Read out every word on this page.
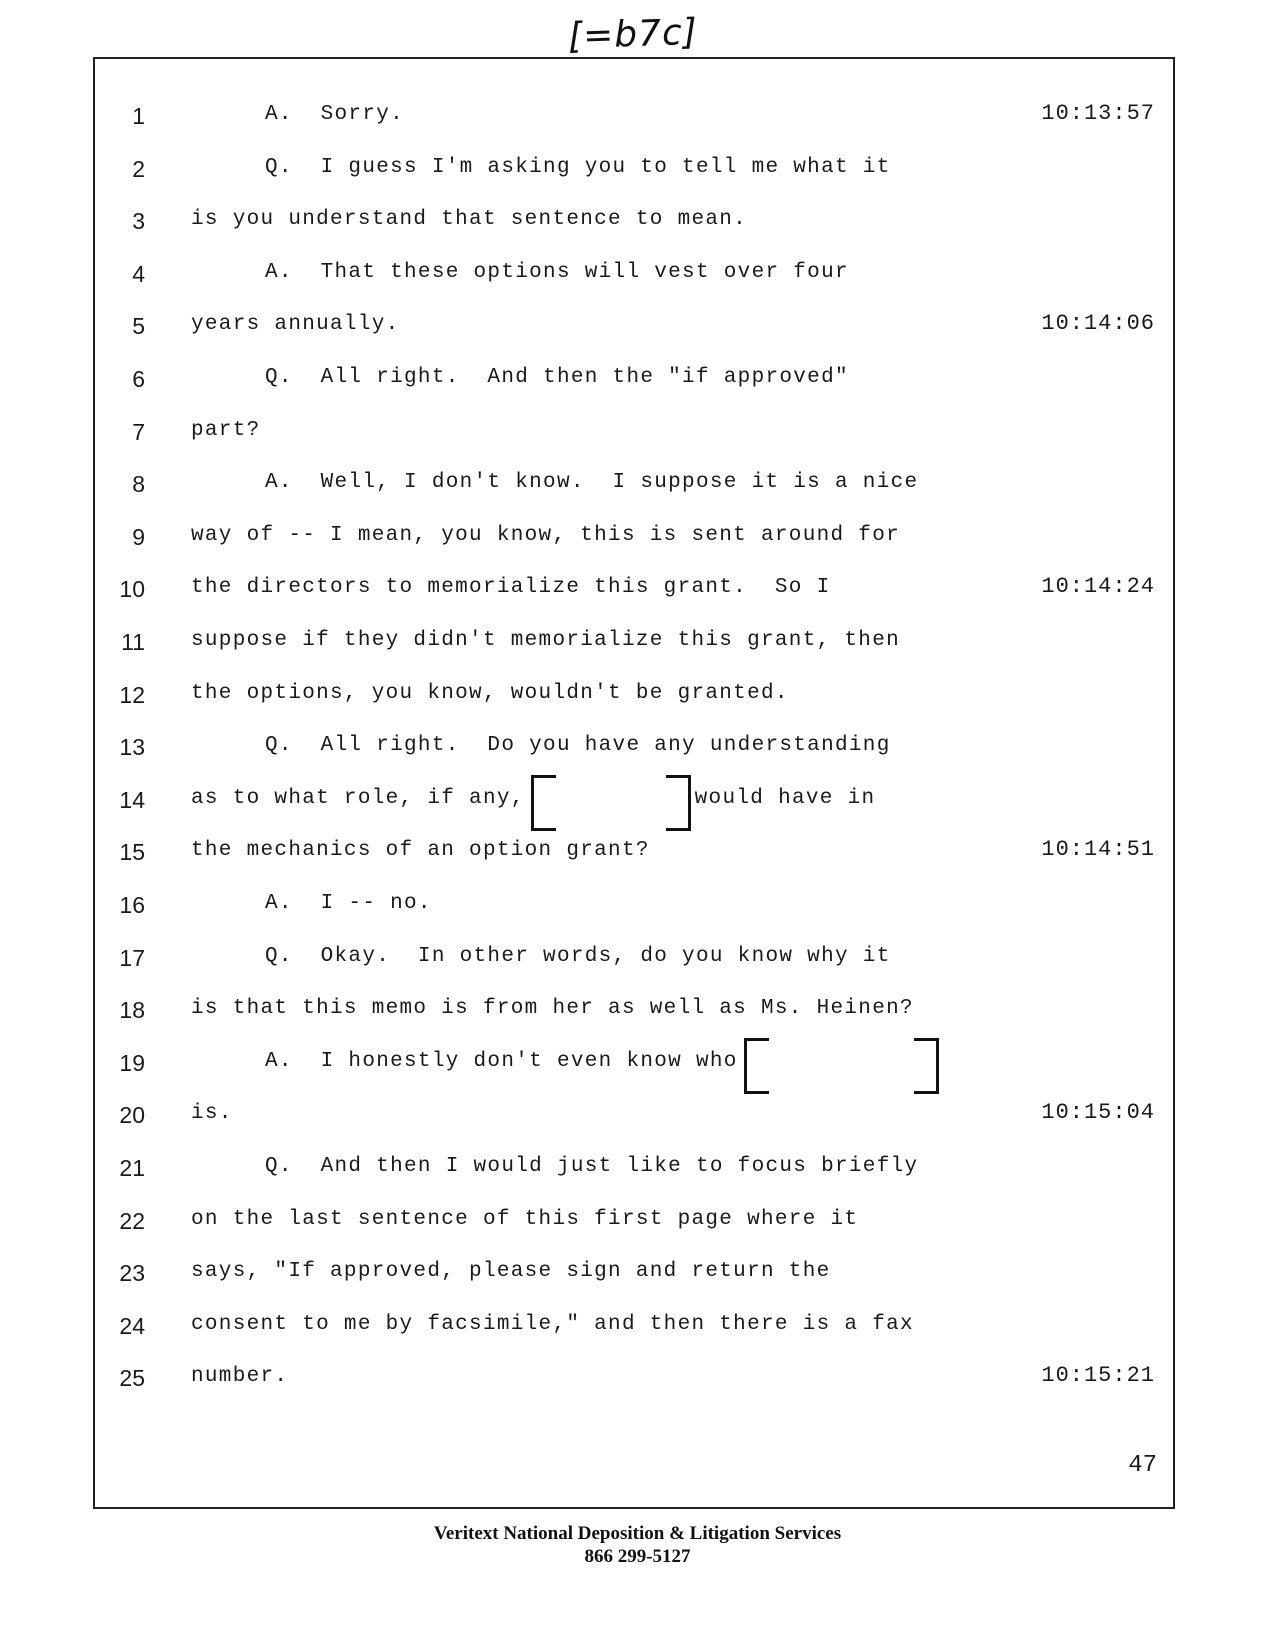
[=b7c]
1	A.  Sorry.	10:13:57
2	Q.  I guess I'm asking you to tell me what it
3 is you understand that sentence to mean.
4	A.  That these options will vest over four
5 years annually.	10:14:06
6	Q.  All right.  And then the "if approved"
7 part?
8	A.  Well, I don't know.  I suppose it is a nice
9 way of -- I mean, you know, this is sent around for
10 the directors to memorialize this grant.  So I	10:14:24
11 suppose if they didn't memorialize this grant, then
12 the options, you know, wouldn't be granted.
13	Q.  All right.  Do you have any understanding
14 as to what role, if any,	would have in
15 the mechanics of an option grant?	10:14:51
16	A.  I -- no.
17	Q.  Okay.  In other words, do you know why it
18 is that this memo is from her as well as Ms. Heinen?
19	A.  I honestly don't even know who
20 is.	10:15:04
21	Q.  And then I would just like to focus briefly
22 on the last sentence of this first page where it
23 says, "If approved, please sign and return the
24 consent to me by facsimile," and then there is a fax
25 number.	10:15:21
47
Veritext National Deposition & Litigation Services
866 299-5127
